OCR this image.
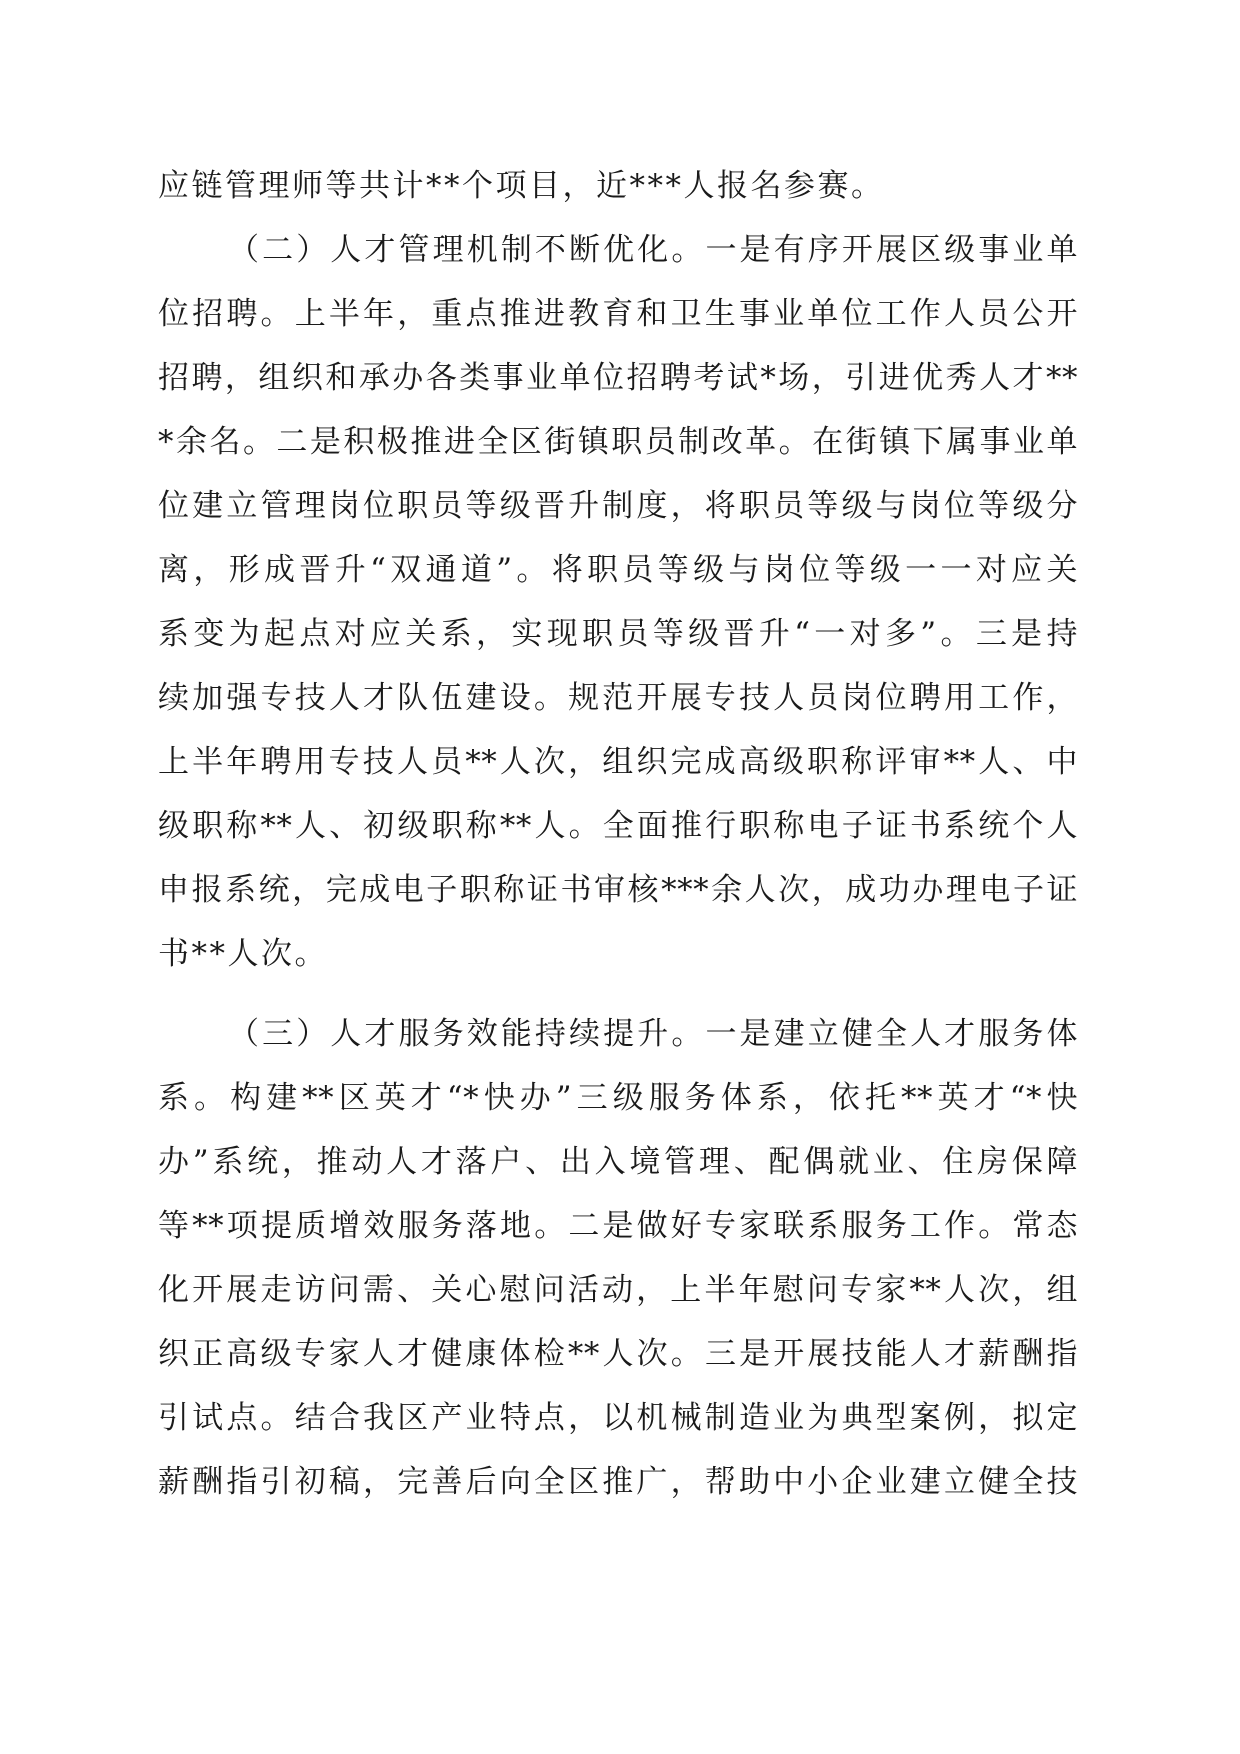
应链管理师等共计**个项目，近***人报名参赛。
（二）人才管理机制不断优化。一是有序开展区级事业单
位招聘。上半年，重点推进教育和卫生事业单位工作人员公开
招聘，组织和承办各类事业单位招聘考试*场，引进优秀人才**
*余名。二是积极推进全区街镇职员制改革。在街镇下属事业单
位建立管理岗位职员等级晋升制度，将职员等级与岗位等级分
离，形成晋升“双通道”。将职员等级与岗位等级一一对应关
系变为起点对应关系，实现职员等级晋升“一对多”。三是持
续加强专技人才队伍建设。规范开展专技人员岗位聘用工作，
上半年聘用专技人员**人次，组织完成高级职称评审**人、中
级职称**人、初级职称**人。全面推行职称电子证书系统个人
申报系统，完成电子职称证书审核***余人次，成功办理电子证
书**人次。
（三）人才服务效能持续提升。一是建立健全人才服务体
系。构建**区英才“*快办”三级服务体系，依托**英才“*快
办”系统，推动人才落户、出入境管理、配偶就业、住房保障
等**项提质增效服务落地。二是做好专家联系服务工作。常态
化开展走访问需、关心慰问活动，上半年慰问专家**人次，组
织正高级专家人才健康体检**人次。三是开展技能人才薪酬指
引试点。结合我区产业特点，以机械制造业为典型案例，拟定
薪酬指引初稿，完善后向全区推广，帮助中小企业建立健全技
